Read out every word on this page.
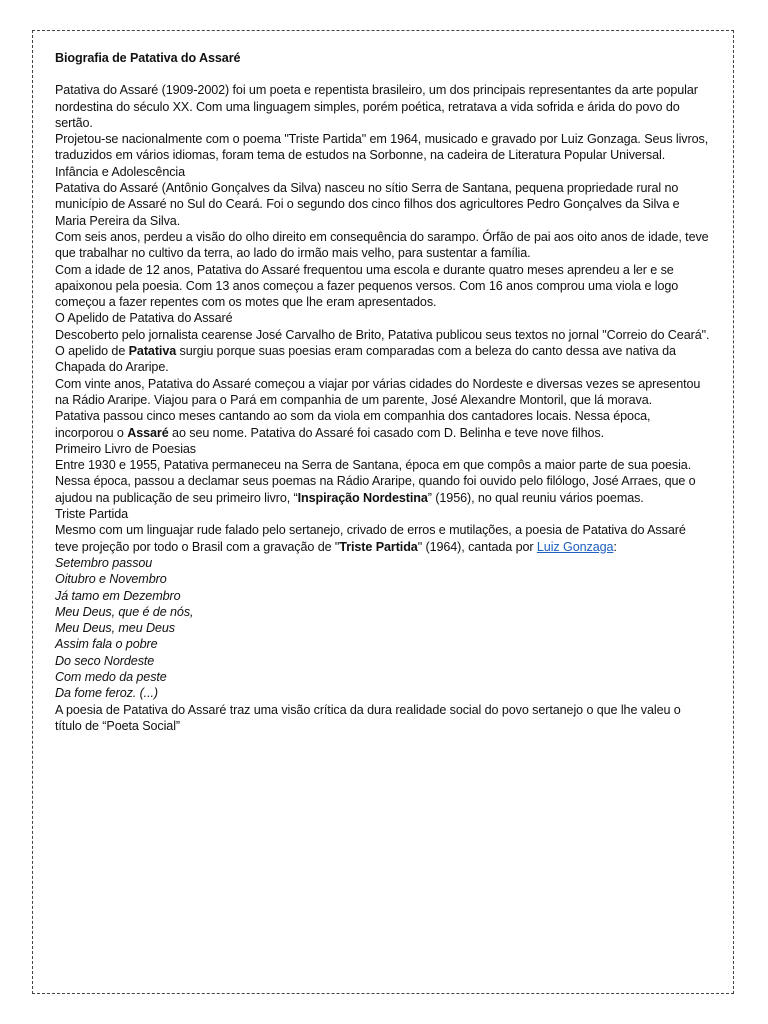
Biografia de Patativa do Assaré

Patativa do Assaré (1909-2002) foi um poeta e repentista brasileiro, um dos principais representantes da arte popular nordestina do século XX. Com uma linguagem simples, porém poética, retratava a vida sofrida e árida do povo do sertão.

Projetou-se nacionalmente com o poema "Triste Partida" em 1964, musicado e gravado por Luiz Gonzaga. Seus livros, traduzidos em vários idiomas, foram tema de estudos na Sorbonne, na cadeira de Literatura Popular Universal.

Infância e Adolescência

Patativa do Assaré (Antônio Gonçalves da Silva) nasceu no sítio Serra de Santana, pequena propriedade rural no município de Assaré no Sul do Ceará. Foi o segundo dos cinco filhos dos agricultores Pedro Gonçalves da Silva e Maria Pereira da Silva.

Com seis anos, perdeu a visão do olho direito em consequência do sarampo. Órfão de pai aos oito anos de idade, teve que trabalhar no cultivo da terra, ao lado do irmão mais velho, para sustentar a família.

Com a idade de 12 anos, Patativa do Assaré frequentou uma escola e durante quatro meses aprendeu a ler e se apaixonou pela poesia. Com 13 anos começou a fazer pequenos versos. Com 16 anos comprou uma viola e logo começou a fazer repentes com os motes que lhe eram apresentados.

O Apelido de Patativa do Assaré

Descoberto pelo jornalista cearense José Carvalho de Brito, Patativa publicou seus textos no jornal "Correio do Ceará". O apelido de Patativa surgiu porque suas poesias eram comparadas com a beleza do canto dessa ave nativa da Chapada do Araripe.

Com vinte anos, Patativa do Assaré começou a viajar por várias cidades do Nordeste e diversas vezes se apresentou na Rádio Araripe. Viajou para o Pará em companhia de um parente, José Alexandre Montoril, que lá morava.

Patativa passou cinco meses cantando ao som da viola em companhia dos cantadores locais. Nessa época, incorporou o Assaré ao seu nome. Patativa do Assaré foi casado com D. Belinha e teve nove filhos.

Primeiro Livro de Poesias

Entre 1930 e 1955, Patativa permaneceu na Serra de Santana, época em que compôs a maior parte de sua poesia. Nessa época, passou a declamar seus poemas na Rádio Araripe, quando foi ouvido pelo filólogo, José Arraes, que o ajudou na publicação de seu primeiro livro, “Inspiração Nordestina” (1956), no qual reuniu vários poemas.

Triste Partida

Mesmo com um linguajar rude falado pelo sertanejo, crivado de erros e mutilações, a poesia de Patativa do Assaré teve projeção por todo o Brasil com a gravação de "Triste Partida" (1964), cantada por Luiz Gonzaga:

Setembro passou

Oitubro e Novembro

Já tamo em Dezembro

Meu Deus, que é de nós,

Meu Deus, meu Deus

Assim fala o pobre

Do seco Nordeste

Com medo da peste

Da fome feroz. (...)

A poesia de Patativa do Assaré traz uma visão crítica da dura realidade social do povo sertanejo o que lhe valeu o título de “Poeta Social”
